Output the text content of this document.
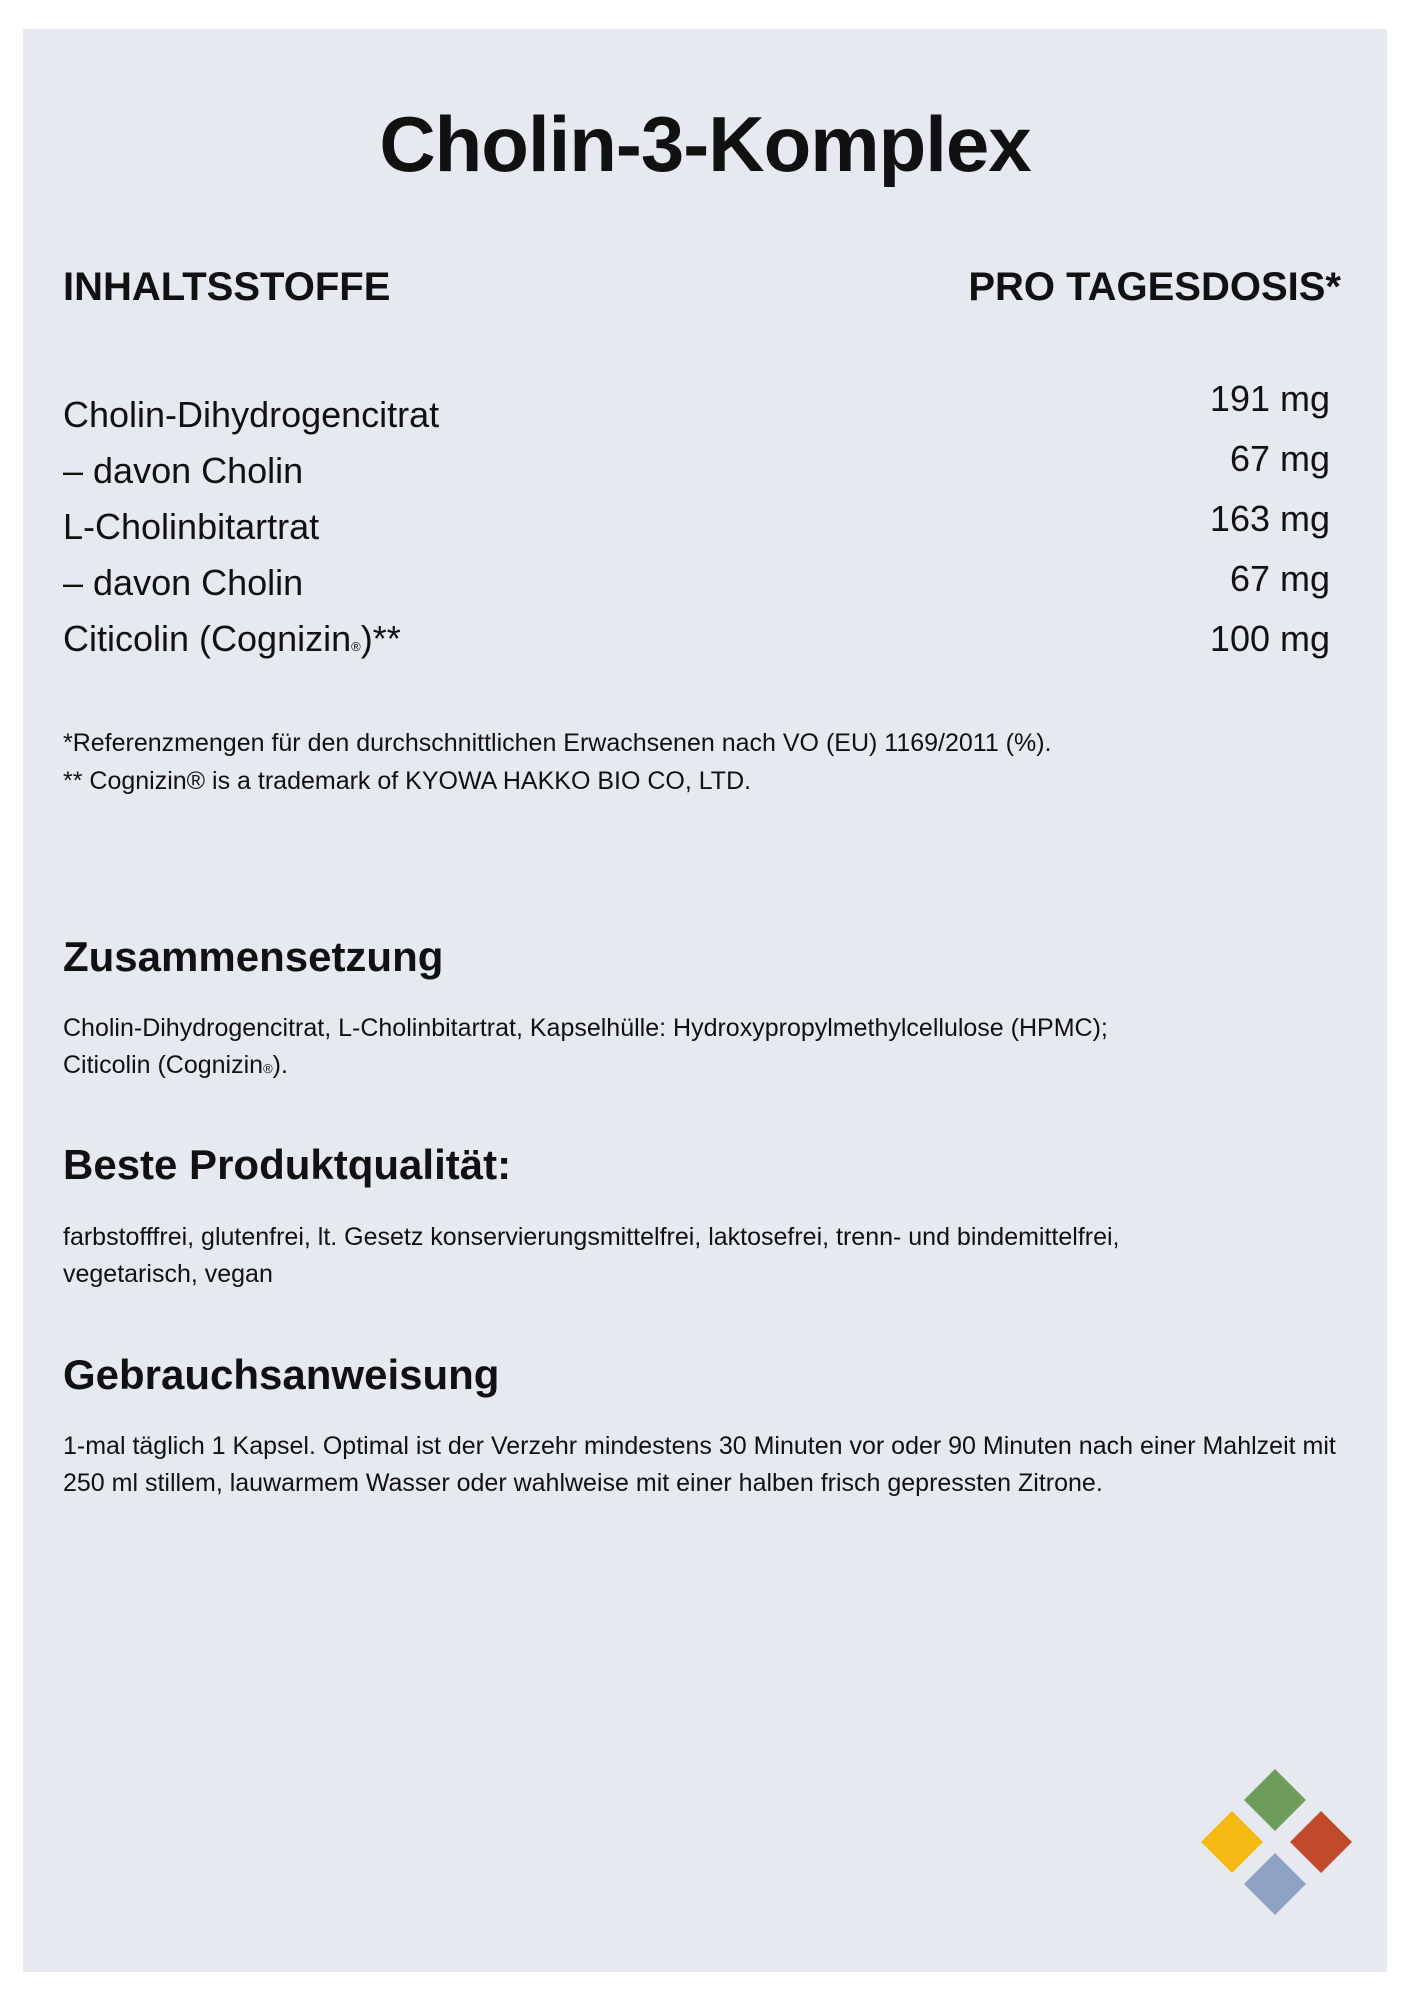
Cholin-3-Komplex
INHALTSSTOFFE	PRO TAGESDOSIS*
Cholin-Dihydrogencitrat
– davon Cholin
L-Cholinbitartrat
– davon Cholin
Citicolin (Cognizin®)**
191 mg
67 mg
163 mg
67 mg
100 mg
*Referenzmengen für den durchschnittlichen Erwachsenen nach VO (EU) 1169/2011 (%).
** Cognizin® is a trademark of KYOWA HAKKO BIO CO, LTD.
Zusammensetzung
Cholin-Dihydrogencitrat, L-Cholinbitartrat, Kapselhülle: Hydroxypropylmethylcellulose (HPMC);
Citicolin (Cognizin®).
Beste Produktqualität:

farbstofffrei, glutenfrei, lt. Gesetz konservierungsmittelfrei, laktosefrei, trenn- und bindemittelfrei, vegetarisch, vegan

Gebrauchsanweisung

1-mal täglich 1 Kapsel. Optimal ist der Verzehr mindestens 30 Minuten vor oder 90 Minuten nach einer Mahlzeit mit 250 ml stillem, lauwarmem Wasser oder wahlweise mit einer halben frisch gepressten Zitrone.
